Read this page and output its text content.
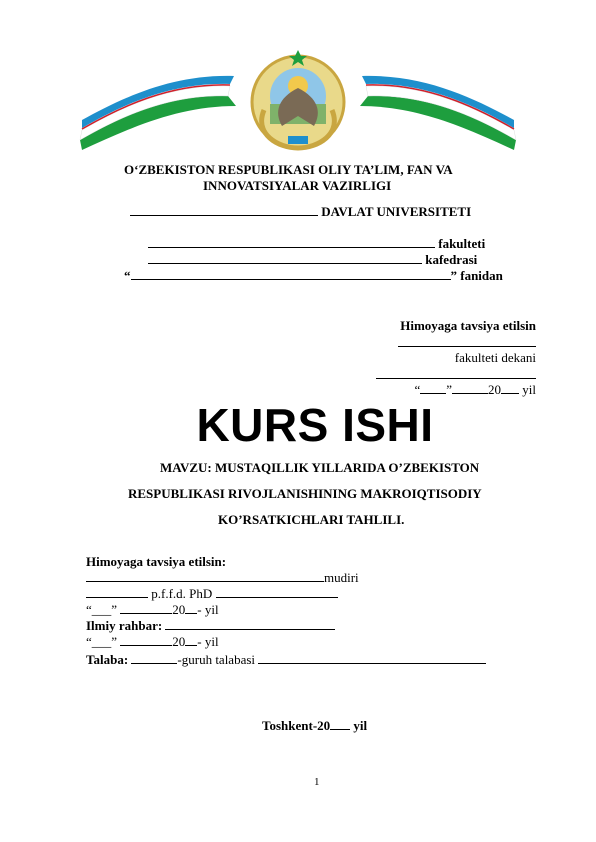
O‘ZBEKISTON RESPUBLIKASI OLIY TA’LIM, FAN VA
INNOVATSIYALAR VAZIRLIGI
DAVLAT UNIVERSITETI
fakulteti
kafedrasi
“	” fanidan
Himoyaga tavsiya etilsin
fakulteti dekani
“ ”	20 yil
KURS ISHI
MAVZU: MUSTAQILLIK YILLARIDA O’ZBEKISTON
RESPUBLIKASI RIVOJLANISHINING MAKROIQTISODIY
KO’RSATKICHLARI TAHLILI.
Himoyaga tavsiya etilsin:
mudiri
p.f.f.d. PhD
“___”	20 - yil
Ilmiy rahbar:
“___”	20 - yil
Talaba:	-guruh talabasi
Toshkent-20 yil
1
